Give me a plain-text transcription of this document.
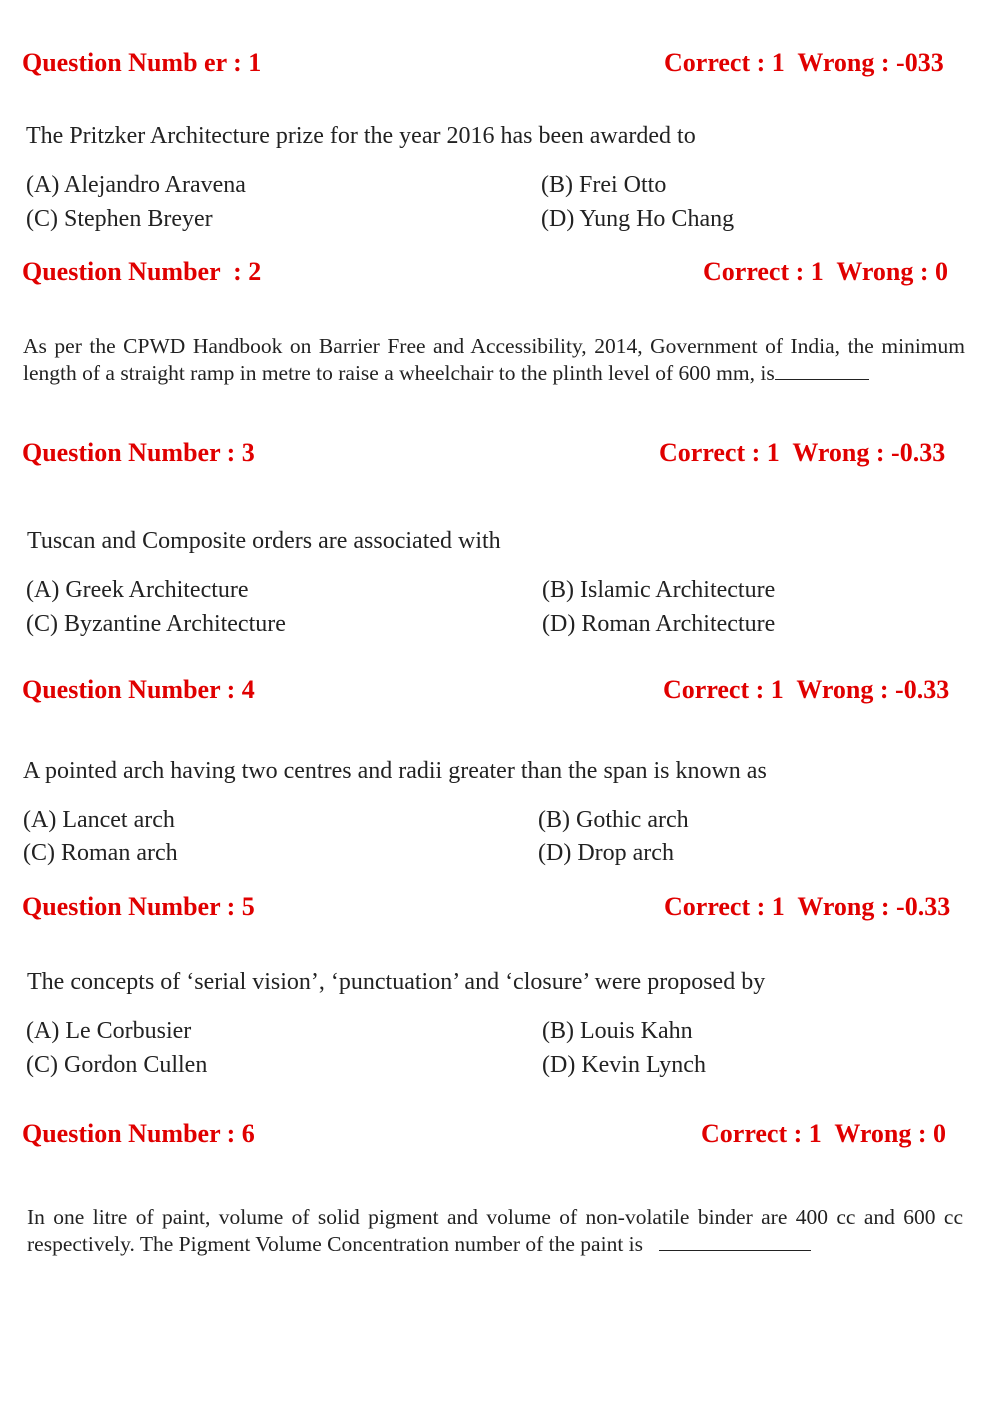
Question Numb er : 1	Correct : 1  Wrong : -033
The Pritzker Architecture prize for the year 2016 has been awarded to
(A) Alejandro Aravena	(B) Frei Otto
(C) Stephen Breyer	(D) Yung Ho Chang
Question Number  : 2	Correct : 1  Wrong : 0
As per the CPWD Handbook on Barrier Free and Accessibility, 2014, Government of India, the minimum length of a straight ramp in metre to raise a wheelchair to the plinth level of 600 mm, is
Question Number : 3	Correct : 1  Wrong : -0.33
Tuscan and Composite orders are associated with
(A) Greek Architecture	(B) Islamic Architecture
(C) Byzantine Architecture	(D) Roman Architecture
Question Number : 4	Correct : 1  Wrong : -0.33
A pointed arch having two centres and radii greater than the span is known as
(A) Lancet arch	(B) Gothic arch
(C) Roman arch	(D) Drop arch
Question Number : 5	Correct : 1  Wrong : -0.33
The concepts of ‘serial vision’, ‘punctuation’ and ‘closure’ were proposed by
(A) Le Corbusier	(B) Louis Kahn
(C) Gordon Cullen	(D) Kevin Lynch
Question Number : 6	Correct : 1  Wrong : 0
In one litre of paint, volume of solid pigment and volume of non-volatile binder are 400 cc and 600 cc respectively. The Pigment Volume Concentration number of the paint is
